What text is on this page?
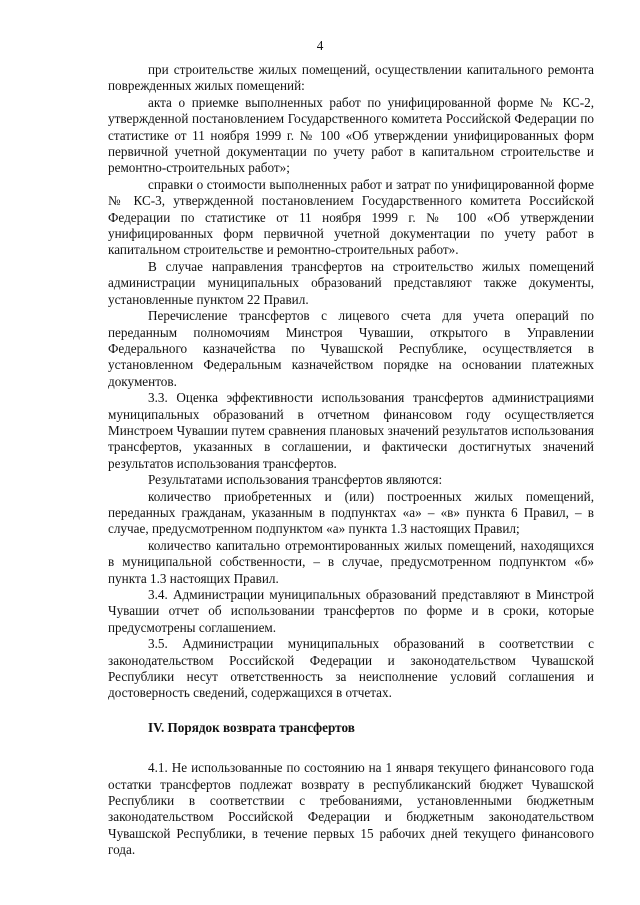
4

при строительстве жилых помещений, осуществлении капитального ремонта поврежденных жилых помещений:

акта о приемке выполненных работ по унифицированной форме № КС-2, утвержденной постановлением Государственного комитета Российской Федерации по статистике от 11 ноября 1999 г. № 100 «Об утверждении унифицированных форм первичной учетной документации по учету работ в капитальном строительстве и ремонтно-строительных работ»;

справки о стоимости выполненных работ и затрат по унифицированной форме № КС-3, утвержденной постановлением Государственного комитета Российской Федерации по статистике от 11 ноября 1999 г. № 100 «Об утверждении унифицированных форм первичной учетной документации по учету работ в капитальном строительстве и ремонтно-строительных работ».

В случае направления трансфертов на строительство жилых помещений администрации муниципальных образований представляют также документы, установленные пунктом 22 Правил.

Перечисление трансфертов с лицевого счета для учета операций по переданным полномочиям Минстроя Чувашии, открытого в Управлении Федерального казначейства по Чувашской Республике, осуществляется в установленном Федеральным казначейством порядке на основании платежных документов.

3.3. Оценка эффективности использования трансфертов администрациями муниципальных образований в отчетном финансовом году осуществляется Минстроем Чувашии путем сравнения плановых значений результатов использования трансфертов, указанных в соглашении, и фактически достигнутых значений результатов использования трансфертов.

Результатами использования трансфертов являются:

количество приобретенных и (или) построенных жилых помещений, переданных гражданам, указанным в подпунктах «а» – «в» пункта 6 Правил, – в случае, предусмотренном подпунктом «а» пункта 1.3 настоящих Правил;

количество капитально отремонтированных жилых помещений, находящихся в муниципальной собственности, – в случае, предусмотренном подпунктом «б» пункта 1.3 настоящих Правил.

3.4. Администрации муниципальных образований представляют в Минстрой Чувашии отчет об использовании трансфертов по форме и в сроки, которые предусмотрены соглашением.

3.5. Администрации муниципальных образований в соответствии с законодательством Российской Федерации и законодательством Чувашской Республики несут ответственность за неисполнение условий соглашения и достоверность сведений, содержащихся в отчетах.

IV. Порядок возврата трансфертов

4.1. Не использованные по состоянию на 1 января текущего финансового года остатки трансфертов подлежат возврату в республиканский бюджет Чувашской Республики в соответствии с требованиями, установленными бюджетным законодательством Российской Федерации и бюджетным законодательством Чувашской Республики, в течение первых 15 рабочих дней текущего финансового года.
